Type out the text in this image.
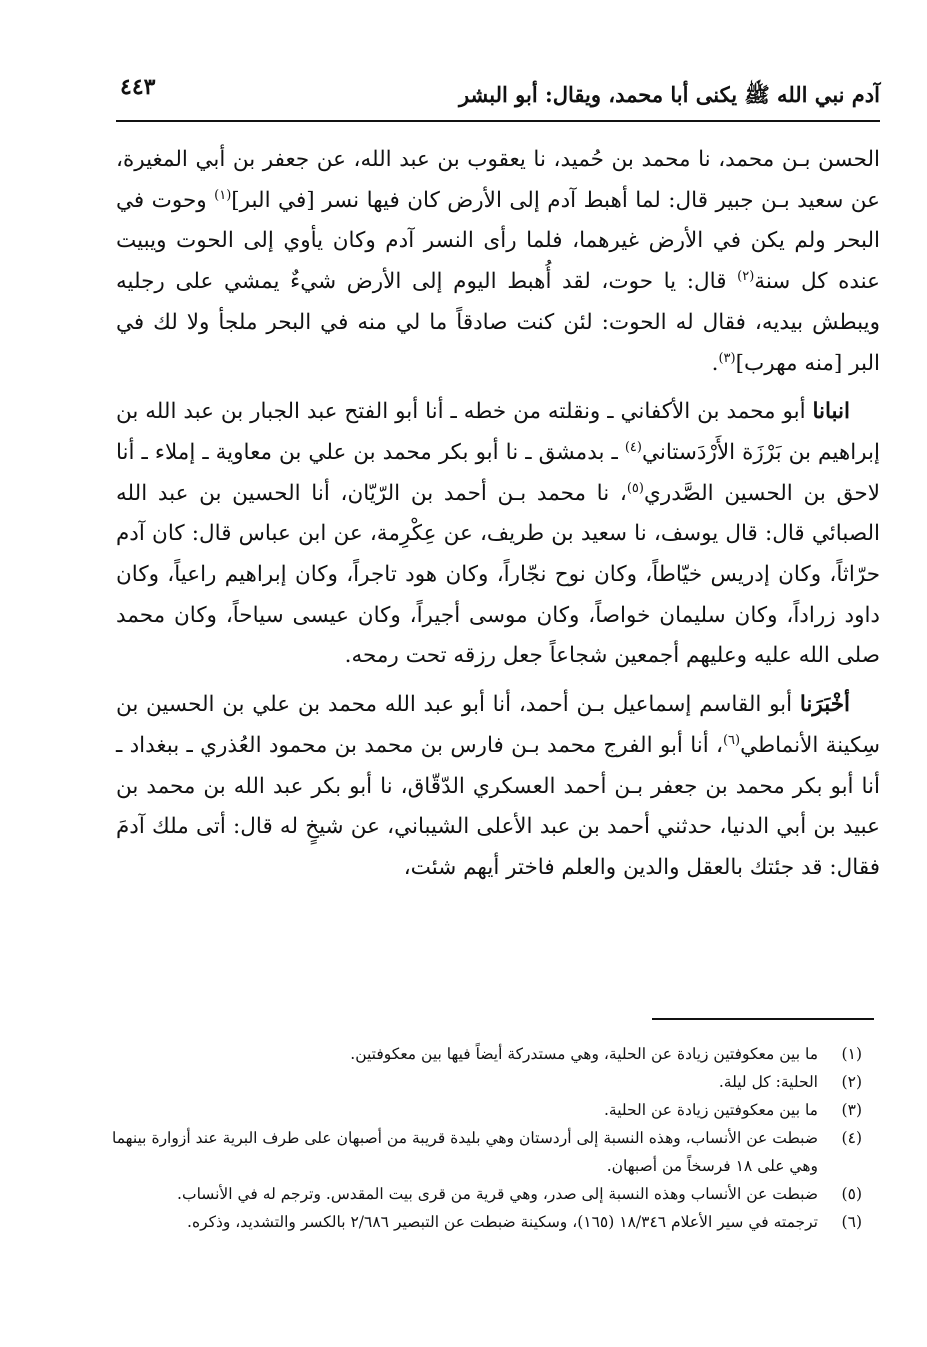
آدم نبي الله ﷺ يكنى أبا محمد، ويقال: أبو البشر
٤٤٣

الحسن بـن محمد، نا محمد بن حُميد، نا يعقوب بن عبد الله، عن جعفر بن أبي المغيرة، عن سعيد بـن جبير قال: لما أهبط آدم إلى الأرض كان فيها نسر [في البر]$^{(١)}$ وحوت في البحر ولم يكن في الأرض غيرهما، فلما رأى النسر آدم وكان يأوي إلى الحوت ويبيت عنده كل سنة$^{(٢)}$ قال: يا حوت، لقد أُهبط اليوم إلى الأرض شيءٌ يمشي على رجليه ويبطش بيديه، فقال له الحوت: لئن كنت صادقاً ما لي منه في البحر ملجأ ولا لك في البر [منه مهرب]$^{(٣)}$.

انبانا أبو محمد بن الأكفاني ـ ونقلته من خطه ـ أنا أبو الفتح عبد الجبار بن عبد الله بن إبراهيم بن بَرْزَة الأَرْدَستاني$^{(٤)}$ ـ بدمشق ـ نا أبو بكر محمد بن علي بن معاوية ـ إملاء ـ أنا لاحق بن الحسين الصَّدري$^{(٥)}$، نا محمد بـن أحمد بن الرّيّان، أنا الحسين بن عبد الله الصبائي قال: قال يوسف، نا سعيد بن طريف، عن عِكْرِمة، عن ابن عباس قال: كان آدم حرّاثاً، وكان إدريس خيّاطاً، وكان نوح نجّاراً، وكان هود تاجراً، وكان إبراهيم راعياً، وكان داود زراداً، وكان سليمان خواصاً، وكان موسى أجيراً، وكان عيسى سياحاً، وكان محمد صلى الله عليه وعليهم أجمعين شجاعاً جعل رزقه تحت رمحه.

أخْبَرَنا أبو القاسم إسماعيل بـن أحمد، أنا أبو عبد الله محمد بن علي بن الحسين بن سِكينة الأنماطي$^{(٦)}$، أنا أبو الفرج محمد بـن فارس بن محمد بن محمود العُذري ـ ببغداد ـ أنا أبو بكر محمد بن جعفر بـن أحمد العسكري الدّقّاق، نا أبو بكر عبد الله بن محمد بن عبيد بن أبي الدنيا، حدثني أحمد بن عبد الأعلى الشيباني، عن شيخٍ له قال: أتى ملك آدمَ فقال: قد جئتك بالعقل والدين والعلم فاختر أيهم شئت،

(١)
ما بين معكوفتين زيادة عن الحلية، وهي مستدركة أيضاً فيها بين معكوفتين.
(٢)
الحلية: كل ليلة.
(٣)
ما بين معكوفتين زيادة عن الحلية.
(٤)
ضبطت عن الأنساب، وهذه النسبة إلى أردستان وهي بليدة قريبة من أصبهان على طرف البرية عند أزوارة بينهما وهي على ١٨ فرسخاً من أصبهان.
(٥)
ضبطت عن الأنساب وهذه النسبة إلى صدر، وهي قرية من قرى بيت المقدس. وترجم له في الأنساب.
(٦)
ترجمته في سير الأعلام ١٨/٣٤٦ (١٦٥)، وسكينة ضبطت عن التبصير ٢/٦٨٦ بالكسر والتشديد، وذكره.
